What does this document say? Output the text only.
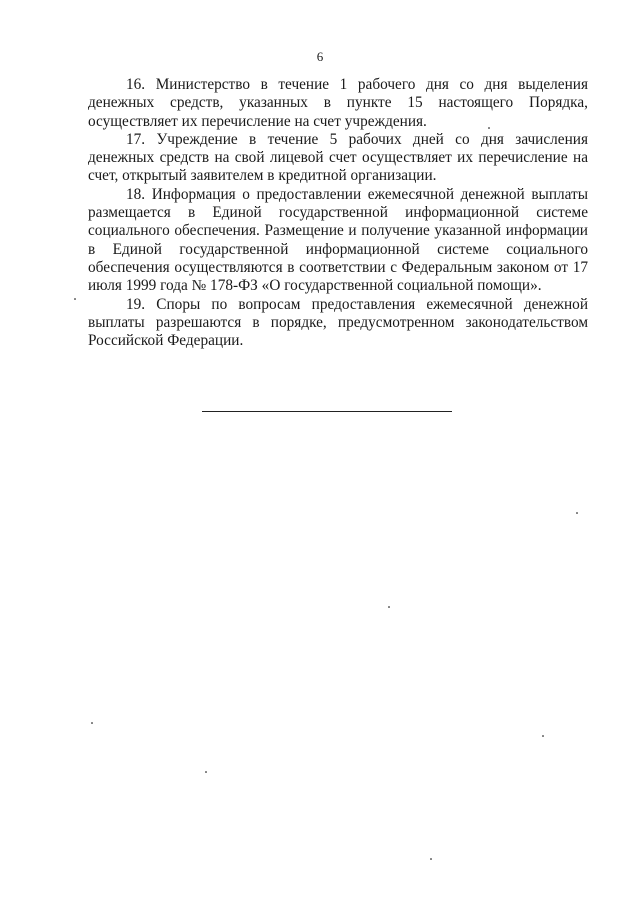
6

16. Министерство в течение 1 рабочего дня со дня выделения денежных средств, указанных в пункте 15 настоящего Порядка, осуществляет их перечисление на счет учреждения.

17. Учреждение в течение 5 рабочих дней со дня зачисления денежных средств на свой лицевой счет осуществляет их перечисление на счет, открытый заявителем в кредитной организации.

18. Информация о предоставлении ежемесячной денежной выплаты размещается в Единой государственной информационной системе социального обеспечения. Размещение и получение указанной информации в Единой государственной информационной системе социального обеспечения осуществляются в соответствии с Федеральным законом от 17 июля 1999 года № 178-ФЗ «О государственной социальной помощи».

19. Споры по вопросам предоставления ежемесячной денежной выплаты разрешаются в порядке, предусмотренном законодательством Российской Федерации.
